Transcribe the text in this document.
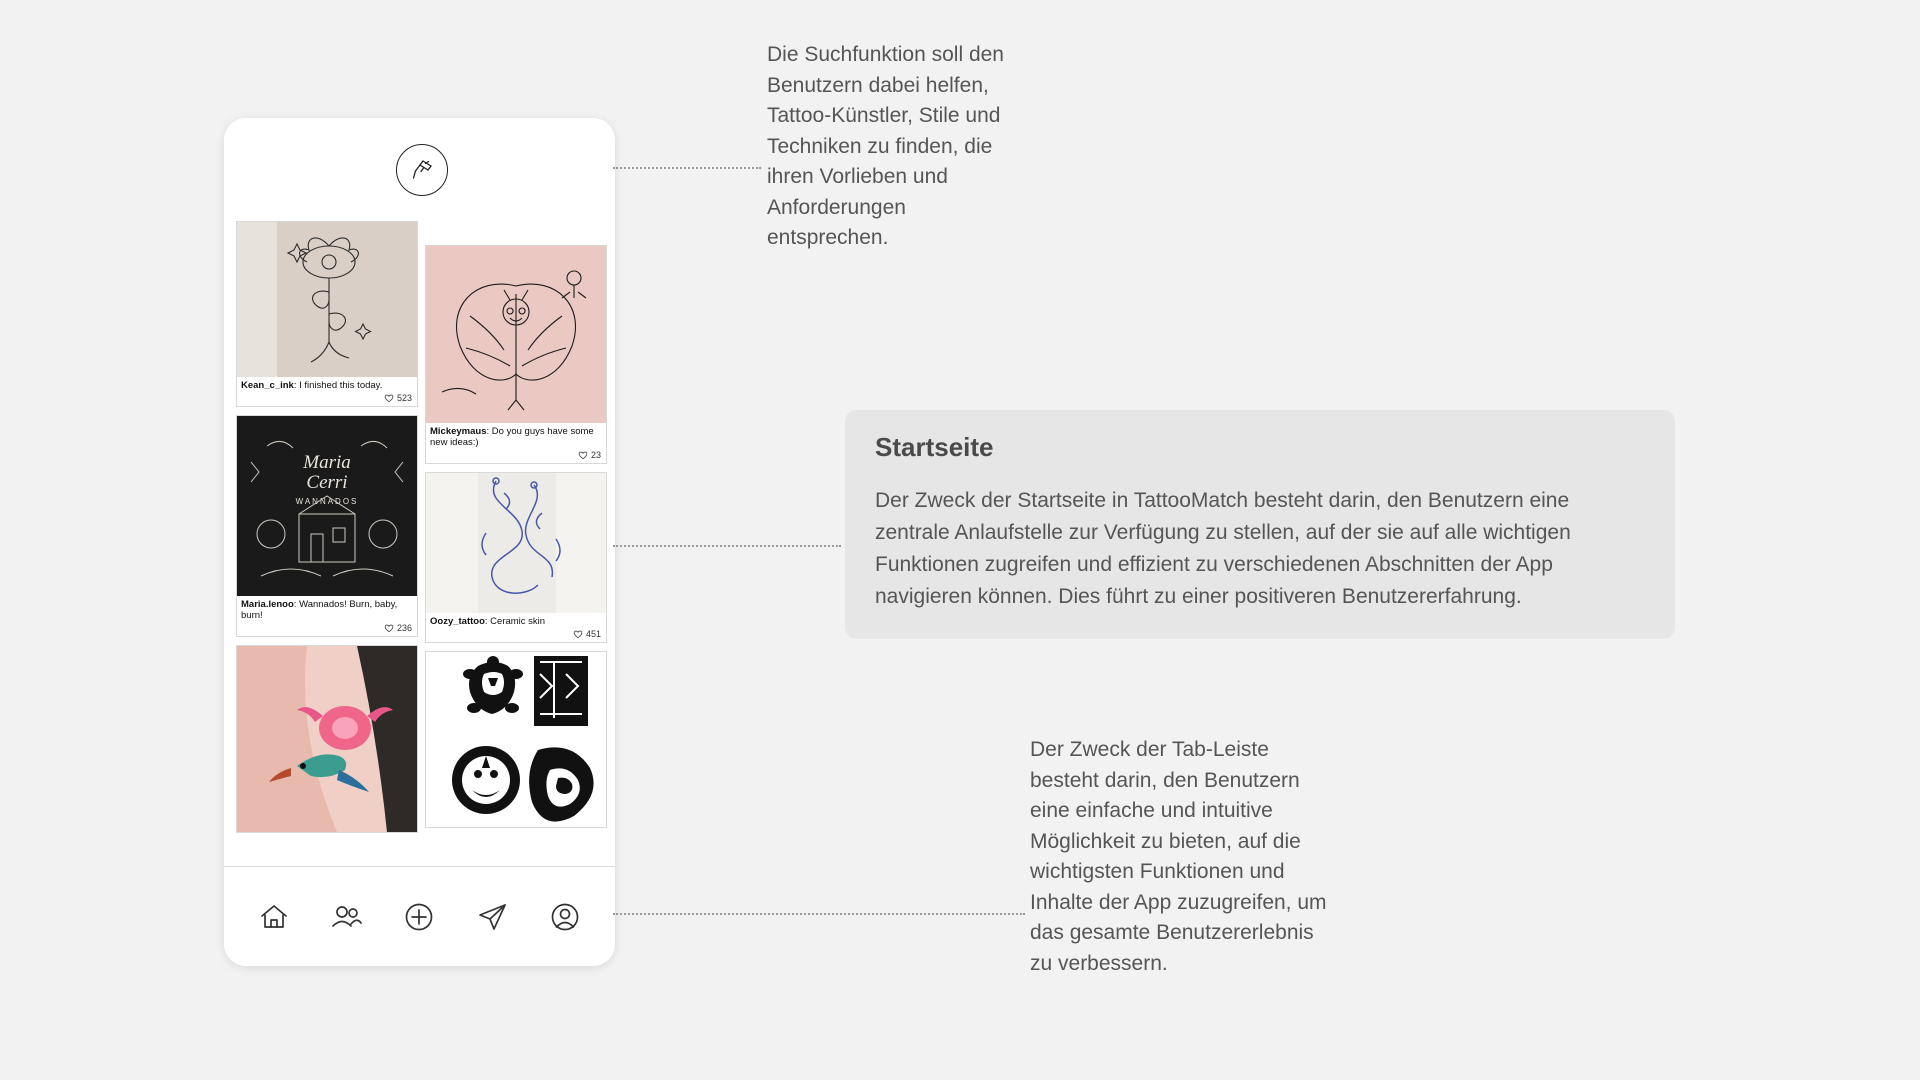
Kean_c_ink: I finished this today.
523
Maria
Cerri
WANNADOS
Maria.lenoo: Wannados! Burn, baby, burn!
236
Mickeymaus: Do you guys have some new ideas:)
23
Oozy_tattoo: Ceramic skin
451
Die Suchfunktion soll den Benutzern dabei helfen, Tattoo-Künstler, Stile und Techniken zu finden, die ihren Vorlieben und Anforderungen entsprechen.
Startseite

Der Zweck der Startseite in TattooMatch besteht darin, den Benutzern eine zentrale Anlaufstelle zur Verfügung zu stellen, auf der sie auf alle wichtigen Funktionen zugreifen und effizient zu verschiedenen Abschnitten der App navigieren können. Dies führt zu einer positiveren Benutzererfahrung.

Der Zweck der Tab-Leiste besteht darin, den Benutzern eine einfache und intuitive Möglichkeit zu bieten, auf die wichtigsten Funktionen und Inhalte der App zuzugreifen, um das gesamte Benutzererlebnis zu verbessern.
